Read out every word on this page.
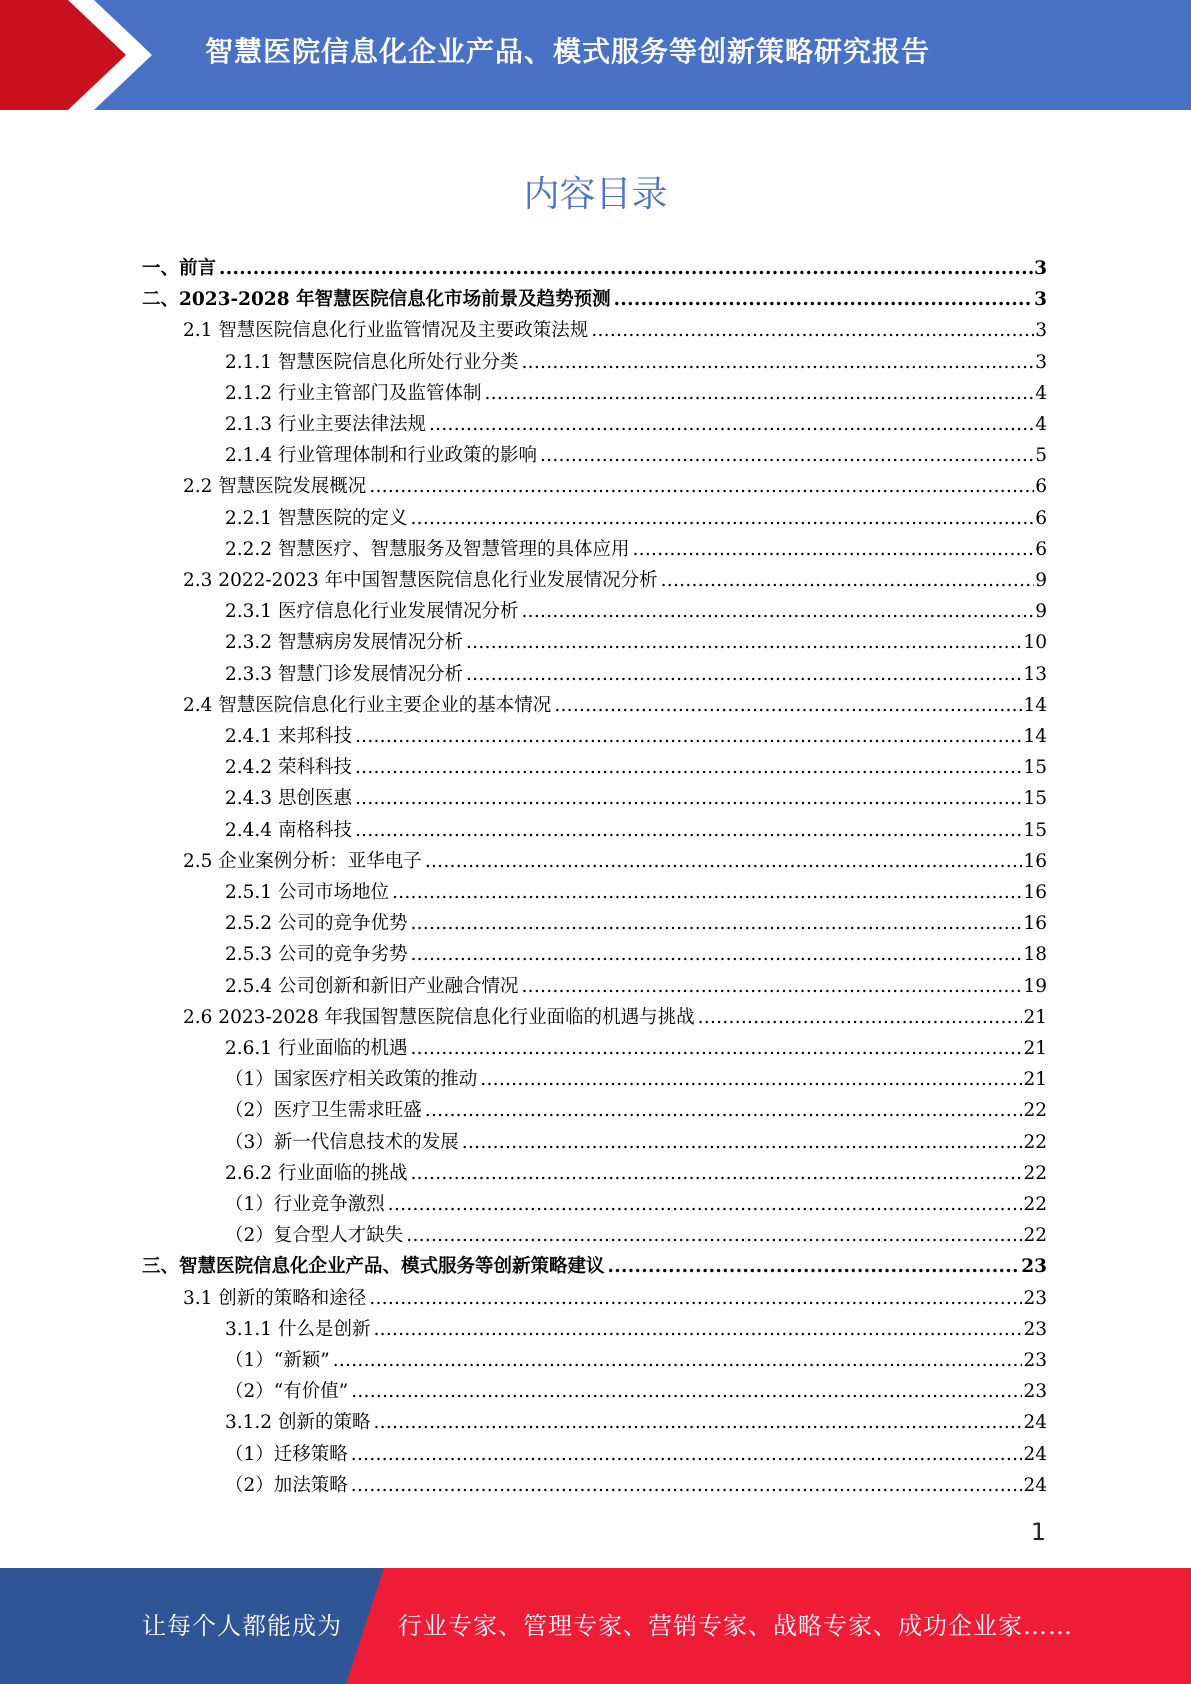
智慧医院信息化企业产品、模式服务等创新策略研究报告
内容目录
一、前言 .....	3
二、2023-2028 年智慧医院信息化市场前景及趋势预测 .....	3
2.1 智慧医院信息化行业监管情况及主要政策法规 .....	3
2.1.1 智慧医院信息化所处行业分类 .....	3
2.1.2 行业主管部门及监管体制 .....	4
2.1.3 行业主要法律法规 .....	4
2.1.4 行业管理体制和行业政策的影响 .....	5
2.2 智慧医院发展概况 .....	6
2.2.1 智慧医院的定义 .....	6
2.2.2 智慧医疗、智慧服务及智慧管理的具体应用 .....	6
2.3 2022-2023 年中国智慧医院信息化行业发展情况分析 .....	9
2.3.1 医疗信息化行业发展情况分析 .....	9
2.3.2 智慧病房发展情况分析 .....	10
2.3.3 智慧门诊发展情况分析 .....	13
2.4 智慧医院信息化行业主要企业的基本情况 .....	14
2.4.1 来邦科技 .....	14
2.4.2 荣科科技 .....	15
2.4.3 思创医惠 .....	15
2.4.4 南格科技 .....	15
2.5 企业案例分析：亚华电子 .....	16
2.5.1 公司市场地位 .....	16
2.5.2 公司的竞争优势 .....	16
2.5.3 公司的竞争劣势 .....	18
2.5.4 公司创新和新旧产业融合情况 .....	19
2.6 2023-2028 年我国智慧医院信息化行业面临的机遇与挑战 .....	21
2.6.1 行业面临的机遇 .....	21
（1）国家医疗相关政策的推动 .....	21
（2）医疗卫生需求旺盛 .....	22
（3）新一代信息技术的发展 .....	22
2.6.2 行业面临的挑战 .....	22
（1）行业竞争激烈 .....	22
（2）复合型人才缺失 .....	22
三、智慧医院信息化企业产品、模式服务等创新策略建议 .....	23
3.1 创新的策略和途径 .....	23
3.1.1 什么是创新 .....	23
（1）“新颖” .....	23
（2）“有价值” .....	23
3.1.2 创新的策略 .....	24
（1）迁移策略 .....	24
（2）加法策略 .....	24
1
让每个人都能成为 行业专家、管理专家、营销专家、战略专家、成功企业家……
